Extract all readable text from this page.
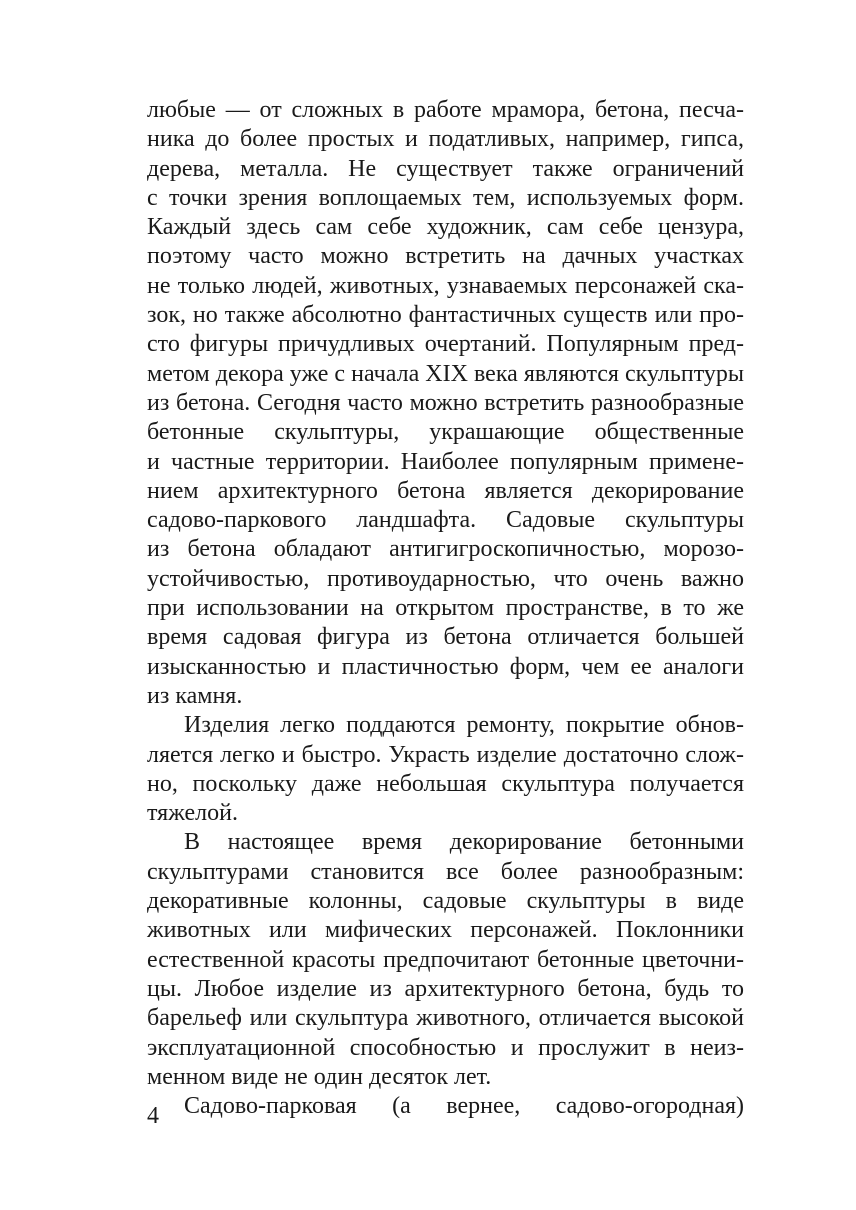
любые — от сложных в работе мрамора, бетона, песча-
ника до более простых и податливых, например, гипса,
дерева, металла. Не существует также ограничений
с точки зрения воплощаемых тем, используемых форм.
Каждый здесь сам себе художник, сам себе цензура,
поэтому часто можно встретить на дачных участках
не только людей, животных, узнаваемых персонажей ска-
зок, но также абсолютно фантастичных существ или про-
сто фигуры причудливых очертаний. Популярным пред-
метом декора уже с начала XIX века являются скульптуры
из бетона. Сегодня часто можно встретить разнообразные
бетонные скульптуры, украшающие общественные
и частные территории. Наиболее популярным примене-
нием архитектурного бетона является декорирование
садово-паркового ландшафта. Садовые скульптуры
из бетона обладают антигигроскопичностью, морозо-
устойчивостью, противоударностью, что очень важно
при использовании на открытом пространстве, в то же
время садовая фигура из бетона отличается большей
изысканностью и пластичностью форм, чем ее аналоги
из камня.
Изделия легко поддаются ремонту, покрытие обнов-
ляется легко и быстро. Украсть изделие достаточно слож-
но, поскольку даже небольшая скульптура получается
тяжелой.
В настоящее время декорирование бетонными
скульптурами становится все более разнообразным:
декоративные колонны, садовые скульптуры в виде
животных или мифических персонажей. Поклонники
естественной красоты предпочитают бетонные цветочни-
цы. Любое изделие из архитектурного бетона, будь то
барельеф или скульптура животного, отличается высокой
эксплуатационной способностью и прослужит в неиз-
менном виде не один десяток лет.
Садово-парковая (а вернее, садово-огородная)
4
